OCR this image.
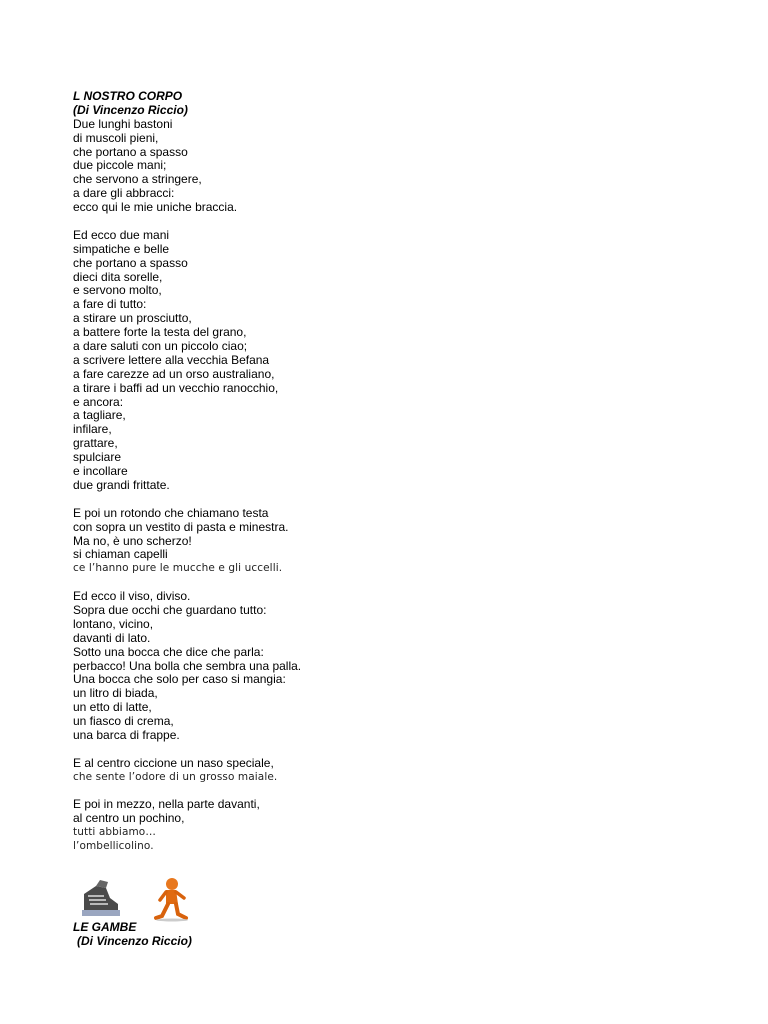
L NOSTRO CORPO
(Di Vincenzo Riccio)
Due lunghi bastoni
di muscoli pieni,
che portano a spasso
due piccole mani;
che servono a stringere,
a dare gli abbracci:
ecco qui le mie uniche braccia.
Ed ecco due mani
simpatiche e belle
che portano a spasso
dieci dita sorelle,
e servono molto,
a fare di tutto:
a stirare un prosciutto,
a battere forte la testa del grano,
a dare saluti con un piccolo ciao;
a scrivere lettere alla vecchia Befana
a fare carezze ad un orso australiano,
a tirare i baffi ad un vecchio ranocchio,
e ancora:
a tagliare,
infilare,
grattare,
spulciare
e incollare
due grandi frittate.
E poi un rotondo che chiamano testa
con sopra un vestito di pasta e minestra.
Ma no, è uno scherzo!
si chiaman capelli
ce l’hanno pure le mucche e gli uccelli.
Ed ecco il viso, diviso.
Sopra due occhi che guardano tutto:
lontano, vicino,
davanti di lato.
Sotto una bocca che dice che parla:
perbacco! Una bolla che sembra una palla.
Una bocca che solo per caso si mangia:
un litro di biada,
un etto di latte,
un fiasco di crema,
una barca di frappe.
E al centro ciccione un naso speciale,
che sente l’odore di un grosso maiale.
E poi in mezzo, nella parte davanti,
al centro un pochino,
tutti abbiamo…
l’ombellicolino.
LE GAMBE
(Di Vincenzo Riccio)
